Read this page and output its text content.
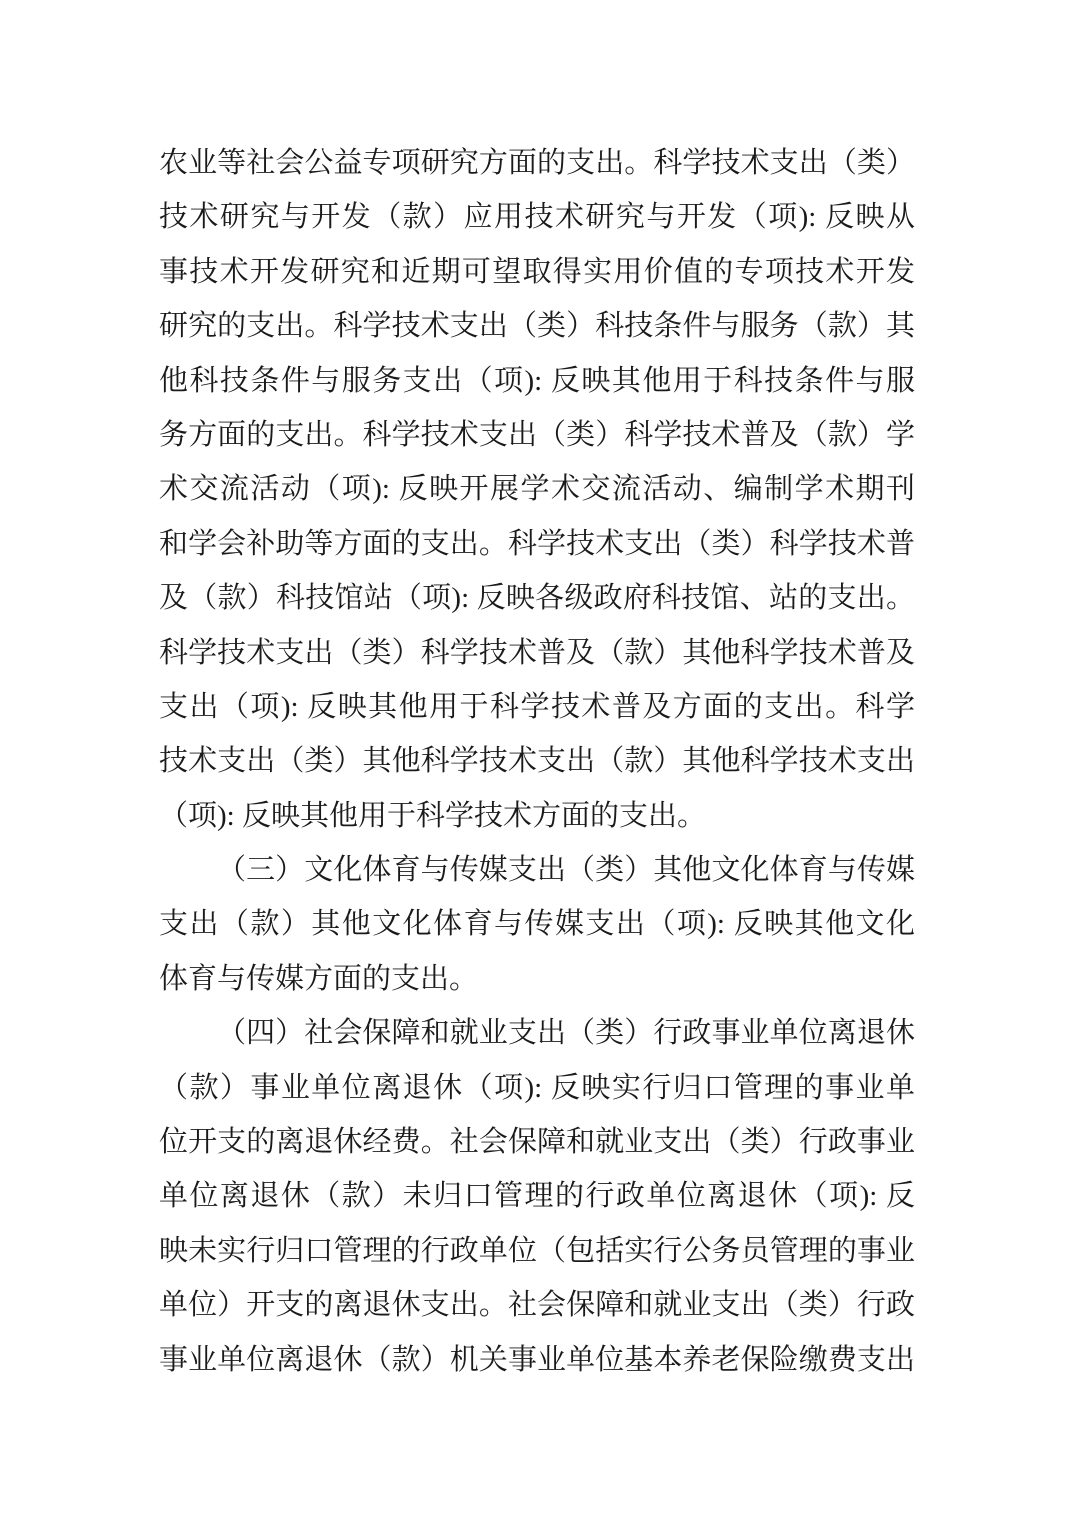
农业等社会公益专项研究方面的支出。科学技术支出（类）
技术研究与开发（款）应用技术研究与开发（项): 反映从
事技术开发研究和近期可望取得实用价值的专项技术开发
研究的支出。科学技术支出（类）科技条件与服务（款）其
他科技条件与服务支出（项): 反映其他用于科技条件与服
务方面的支出。科学技术支出（类）科学技术普及（款）学
术交流活动（项): 反映开展学术交流活动、编制学术期刊
和学会补助等方面的支出。科学技术支出（类）科学技术普
及（款）科技馆站（项): 反映各级政府科技馆、站的支出。
科学技术支出（类）科学技术普及（款）其他科学技术普及
支出（项): 反映其他用于科学技术普及方面的支出。科学
技术支出（类）其他科学技术支出（款）其他科学技术支出
（项): 反映其他用于科学技术方面的支出。
（三）文化体育与传媒支出（类）其他文化体育与传媒
支出（款）其他文化体育与传媒支出（项): 反映其他文化
体育与传媒方面的支出。
（四）社会保障和就业支出（类）行政事业单位离退休
（款）事业单位离退休（项): 反映实行归口管理的事业单
位开支的离退休经费。社会保障和就业支出（类）行政事业
单位离退休（款）未归口管理的行政单位离退休（项): 反
映未实行归口管理的行政单位（包括实行公务员管理的事业
单位）开支的离退休支出。社会保障和就业支出（类）行政
事业单位离退休（款）机关事业单位基本养老保险缴费支出
